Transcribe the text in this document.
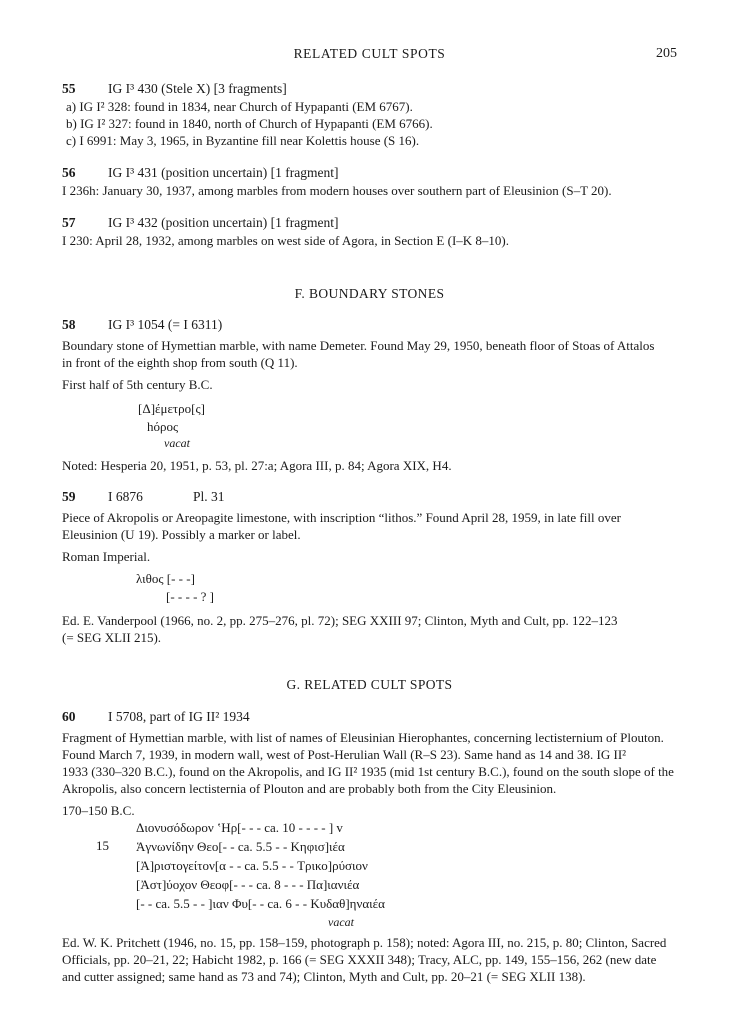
RELATED CULT SPOTS	205
55 IG I³ 430 (Stele X) [3 fragments]
a) IG I² 328: found in 1834, near Church of Hypapanti (EM 6767).
b) IG I² 327: found in 1840, north of Church of Hypapanti (EM 6766).
c) I 6991: May 3, 1965, in Byzantine fill near Kolettis house (S 16).
56 IG I³ 431 (position uncertain) [1 fragment]
I 236h: January 30, 1937, among marbles from modern houses over southern part of Eleusinion (S–T 20).
57 IG I³ 432 (position uncertain) [1 fragment]
I 230: April 28, 1932, among marbles on west side of Agora, in Section E (I–K 8–10).
F. BOUNDARY STONES
58 IG I³ 1054 (= I 6311)
Boundary stone of Hymettian marble, with name Demeter. Found May 29, 1950, beneath floor of Stoas of Attalos
in front of the eighth shop from south (Q 11).
First half of 5th century B.C.
[Δ]έμετρο[ς]
hόρος
vacat
Noted: Hesperia 20, 1951, p. 53, pl. 27:a; Agora III, p. 84; Agora XIX, H4.
59 I 6876	Pl. 31
Piece of Akropolis or Areopagite limestone, with inscription “lithos.” Found April 28, 1959, in late fill over
Eleusinion (U 19). Possibly a marker or label.
Roman Imperial.
λιθος [- - -]
[- - - - ? ]
Ed. E. Vanderpool (1966, no. 2, pp. 275–276, pl. 72); SEG XXIII 97; Clinton, Myth and Cult, pp. 122–123
(= SEG XLII 215).
G. RELATED CULT SPOTS
60 I 5708, part of IG II² 1934
Fragment of Hymettian marble, with list of names of Eleusinian Hierophantes, concerning lectisternium of Plouton.
Found March 7, 1939, in modern wall, west of Post-Herulian Wall (R–S 23). Same hand as 14 and 38. IG II²
1933 (330–320 B.C.), found on the Akropolis, and IG II² 1935 (mid 1st century B.C.), found on the south slope of the
Akropolis, also concern lectisternia of Plouton and are probably both from the City Eleusinion.
170–150 B.C.
15
Διονυσόδωρον ʽΗρ[- - - ca. 10 - - - - ] v
Ἁγνωνίδην Θεο[- - ca. 5.5 - - Κηφισ]ιέα
[Ἀ]ριστογείτον[α - - ca. 5.5 - - Τρικο]ρύσιον
[Ἀστ]ύοχον Θεοφ[- - - ca. 8 - - - Πα]ιανιέα
[- - ca. 5.5 - - ]ιαν Φυ[- - ca. 6 - - Κυδαθ]ηναιέα
vacat
Ed. W. K. Pritchett (1946, no. 15, pp. 158–159, photograph p. 158); noted: Agora III, no. 215, p. 80; Clinton, Sacred
Officials, pp. 20–21, 22; Habicht 1982, p. 166 (= SEG XXXII 348); Tracy, ALC, pp. 149, 155–156, 262 (new date
and cutter assigned; same hand as 73 and 74); Clinton, Myth and Cult, pp. 20–21 (= SEG XLII 138).
